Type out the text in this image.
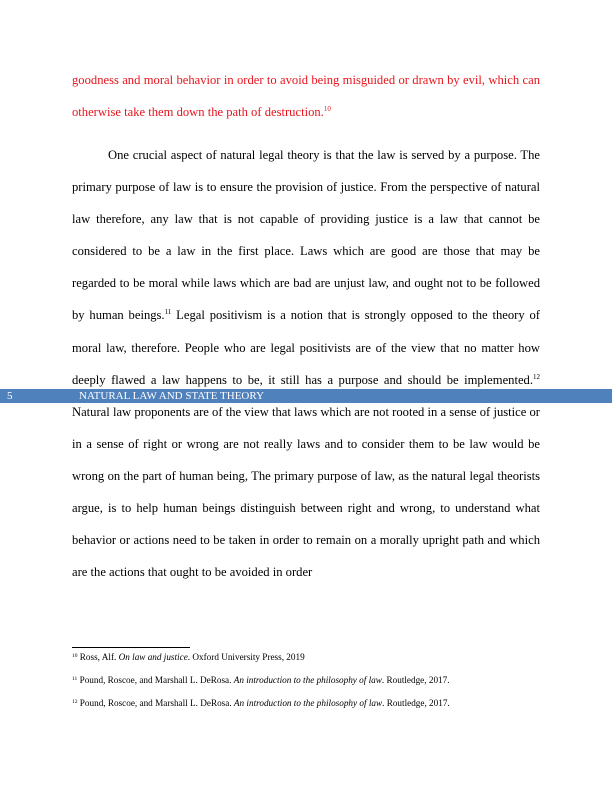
goodness and moral behavior in order to avoid being misguided or drawn by evil, which can otherwise take them down the path of destruction.$^{10}$

One crucial aspect of natural legal theory is that the law is served by a purpose. The primary purpose of law is to ensure the provision of justice. From the perspective of natural law therefore, any law that is not capable of providing justice is a law that cannot be considered to be a law in the first place. Laws which are good are those that may be regarded to be moral while laws which are bad are unjust law, and ought not to be followed by human beings.$^{11}$ Legal positivism is a notion that is strongly opposed to the theory of moral law, therefore. People who are legal positivists are of the view that no matter how deeply flawed a law happens to be, it still has a purpose and should be implemented.$^{12}$ Natural law proponents are of the view that laws which are not rooted in a sense of justice or in a sense of right or wrong are not really laws and to consider them to be law would be wrong on the part of human being, The primary purpose of law, as the natural legal theorists argue, is to help human beings distinguish between right and wrong, to understand what behavior or actions need to be taken in order to remain on a morally upright path and which are the actions that ought to be avoided in order

5	NATURAL LAW AND STATE THEORY

$^{10}$ Ross, Alf. On law and justice. Oxford University Press, 2019

$^{11}$ Pound, Roscoe, and Marshall L. DeRosa. An introduction to the philosophy of law. Routledge, 2017.

$^{12}$ Pound, Roscoe, and Marshall L. DeRosa. An introduction to the philosophy of law. Routledge, 2017.
